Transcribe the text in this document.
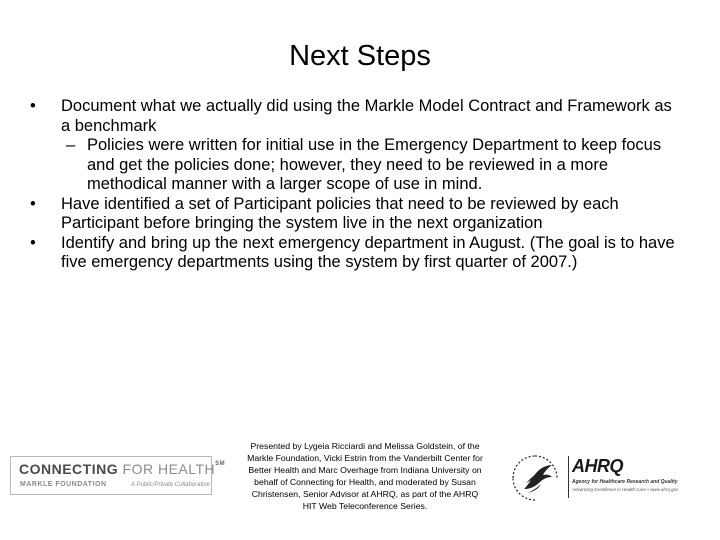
Next Steps
• Document what we actually did using the Markle Model Contract and Framework as a benchmark
– Policies were written for initial use in the Emergency Department to keep focus and get the policies done; however, they need to be reviewed in a more methodical manner with a larger scope of use in mind.
• Have identified a set of Participant policies that need to be reviewed by each Participant before bringing the system live in the next organization
• Identify and bring up the next emergency department in August. (The goal is to have five emergency departments using the system by first quarter of 2007.)
CONNECTING FOR HEALTH℠
MARKLE FOUNDATION	A Public/Private Collaborative
Presented by Lygeia Ricciardi and Melissa Goldstein, of the
Markle Foundation, Vicki Estrin from the Vanderbilt Center for
Better Health and Marc Overhage from Indiana University on
behalf of Connecting for Health, and moderated by Susan
Christensen, Senior Advisor at AHRQ, as part of the AHRQ
HIT Web Teleconference Series.
AHRQ
Agency for Healthcare Research and Quality
Advancing Excellence in Health Care • www.ahrq.gov
